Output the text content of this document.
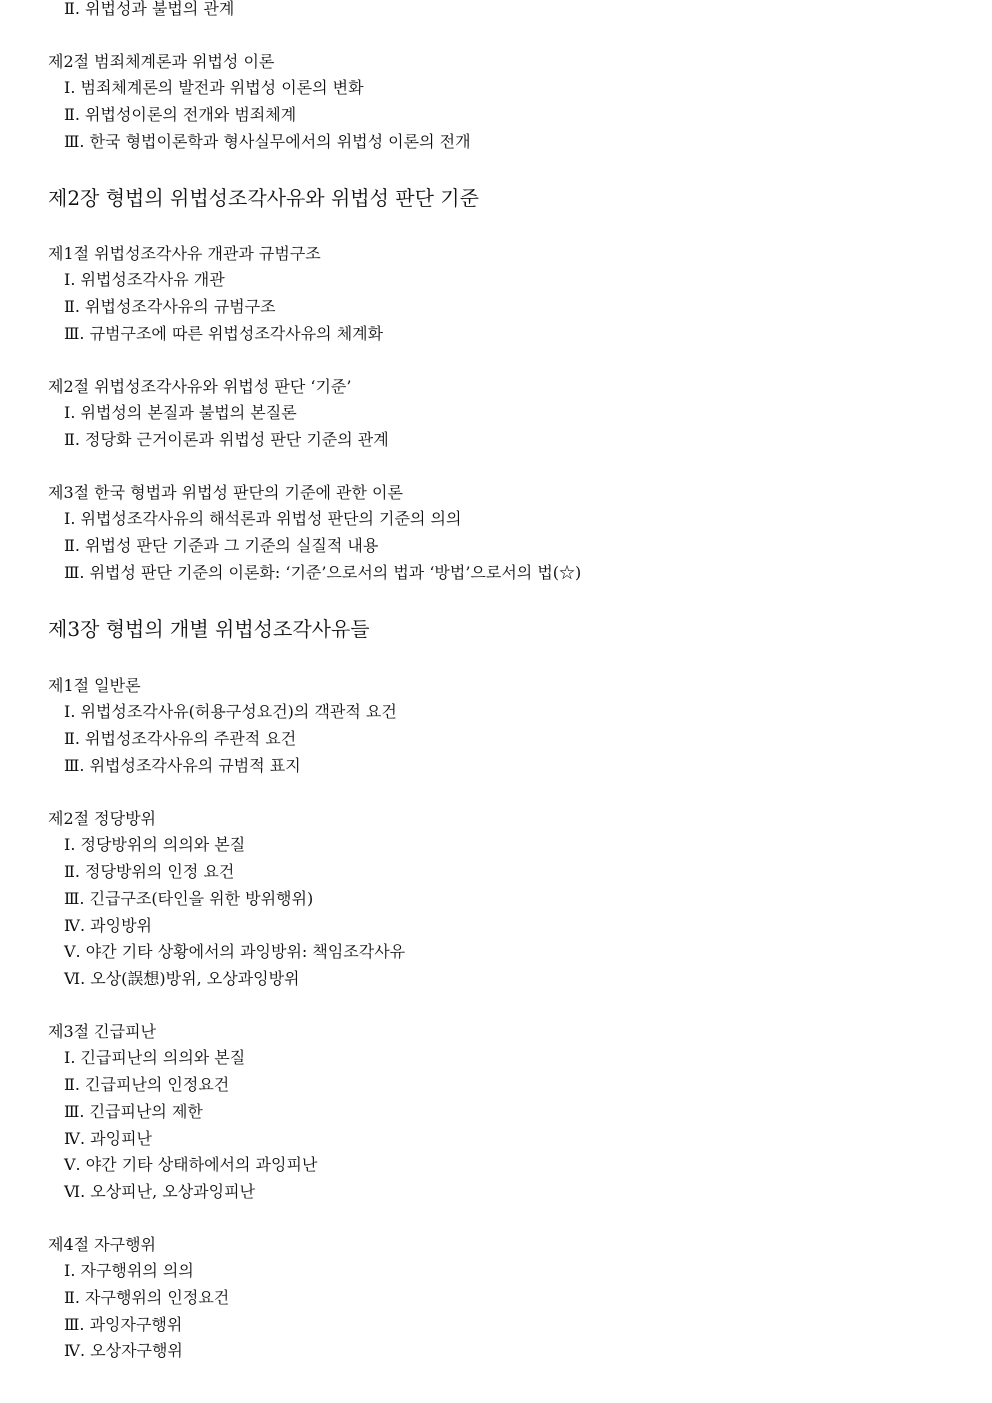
Ⅱ. 위법성과 불법의 관계
제2절 범죄체계론과 위법성 이론
Ⅰ. 범죄체계론의 발전과 위법성 이론의 변화
Ⅱ. 위법성이론의 전개와 범죄체계
Ⅲ. 한국 형법이론학과 형사실무에서의 위법성 이론의 전개
제2장 형법의 위법성조각사유와 위법성 판단 기준
제1절 위법성조각사유 개관과 규범구조
Ⅰ. 위법성조각사유 개관
Ⅱ. 위법성조각사유의 규범구조
Ⅲ. 규범구조에 따른 위법성조각사유의 체계화
제2절 위법성조각사유와 위법성 판단 ‘기준’
Ⅰ. 위법성의 본질과 불법의 본질론
Ⅱ. 정당화 근거이론과 위법성 판단 기준의 관계
제3절 한국 형법과 위법성 판단의 기준에 관한 이론
Ⅰ. 위법성조각사유의 해석론과 위법성 판단의 기준의 의의
Ⅱ. 위법성 판단 기준과 그 기준의 실질적 내용
Ⅲ. 위법성 판단 기준의 이론화: ‘기준’으로서의 법과 ‘방법’으로서의 법(☆)
제3장 형법의 개별 위법성조각사유들
제1절 일반론
Ⅰ. 위법성조각사유(허용구성요건)의 객관적 요건
Ⅱ. 위법성조각사유의 주관적 요건
Ⅲ. 위법성조각사유의 규범적 표지
제2절 정당방위
Ⅰ. 정당방위의 의의와 본질
Ⅱ. 정당방위의 인정 요건
Ⅲ. 긴급구조(타인을 위한 방위행위)
Ⅳ. 과잉방위
Ⅴ. 야간 기타 상황에서의 과잉방위: 책임조각사유
Ⅵ. 오상(誤想)방위, 오상과잉방위
제3절 긴급피난
Ⅰ. 긴급피난의 의의와 본질
Ⅱ. 긴급피난의 인정요건
Ⅲ. 긴급피난의 제한
Ⅳ. 과잉피난
Ⅴ. 야간 기타 상태하에서의 과잉피난
Ⅵ. 오상피난, 오상과잉피난
제4절 자구행위
Ⅰ. 자구행위의 의의
Ⅱ. 자구행위의 인정요건
Ⅲ. 과잉자구행위
Ⅳ. 오상자구행위
